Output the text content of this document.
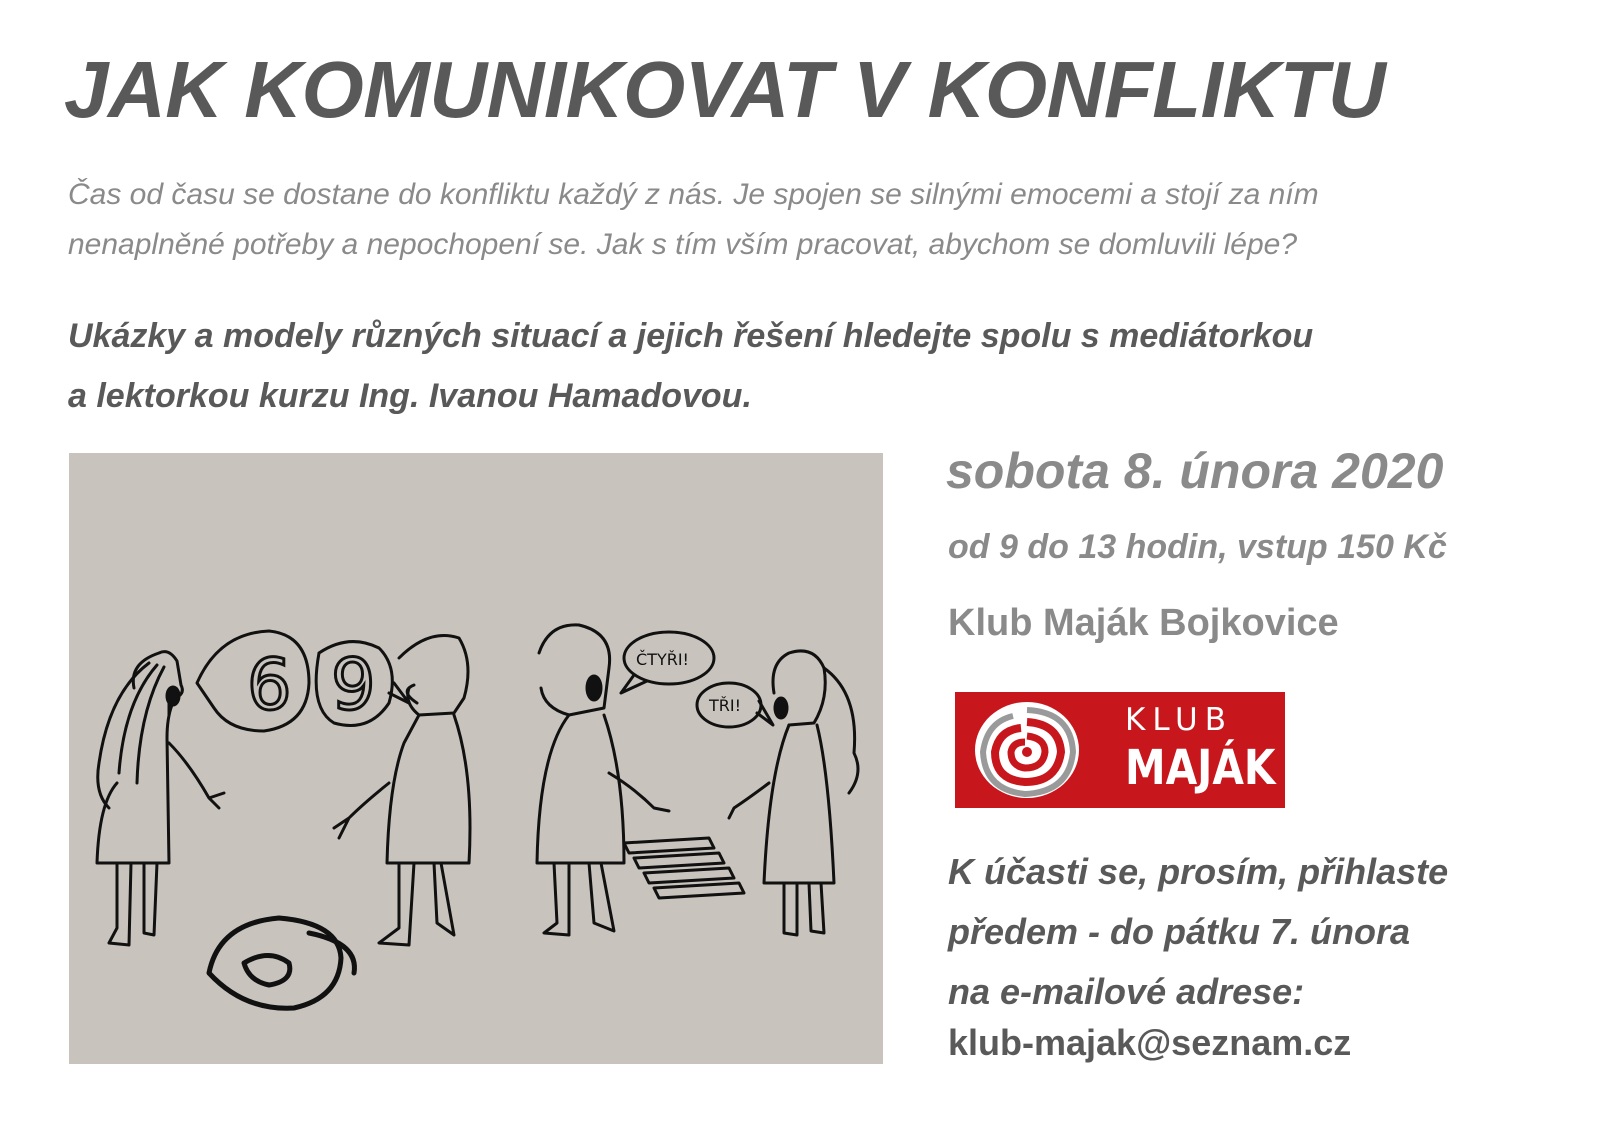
JAK KOMUNIKOVAT V KONFLIKTU

Čas od času se dostane do konfliktu každý z nás. Je spojen se silnými emocemi a stojí za ním
nenaplněné potřeby a nepochopení se. Jak s tím vším pracovat, abychom se domluvili lépe?

Ukázky a modely různých situací a jejich řešení hledejte spolu s mediátorkou
a lektorkou kurzu Ing. Ivanou Hamadovou.

6 9	ČTYŘI!
TŘI!

sobota 8. února 2020

od 9 do 13 hodin, vstup 150 Kč

Klub Maják Bojkovice

KLUB
MAJÁK

K účasti se, prosím, přihlaste
předem - do pátku 7. února
na e-mailové adrese:

klub-majak@seznam.cz
